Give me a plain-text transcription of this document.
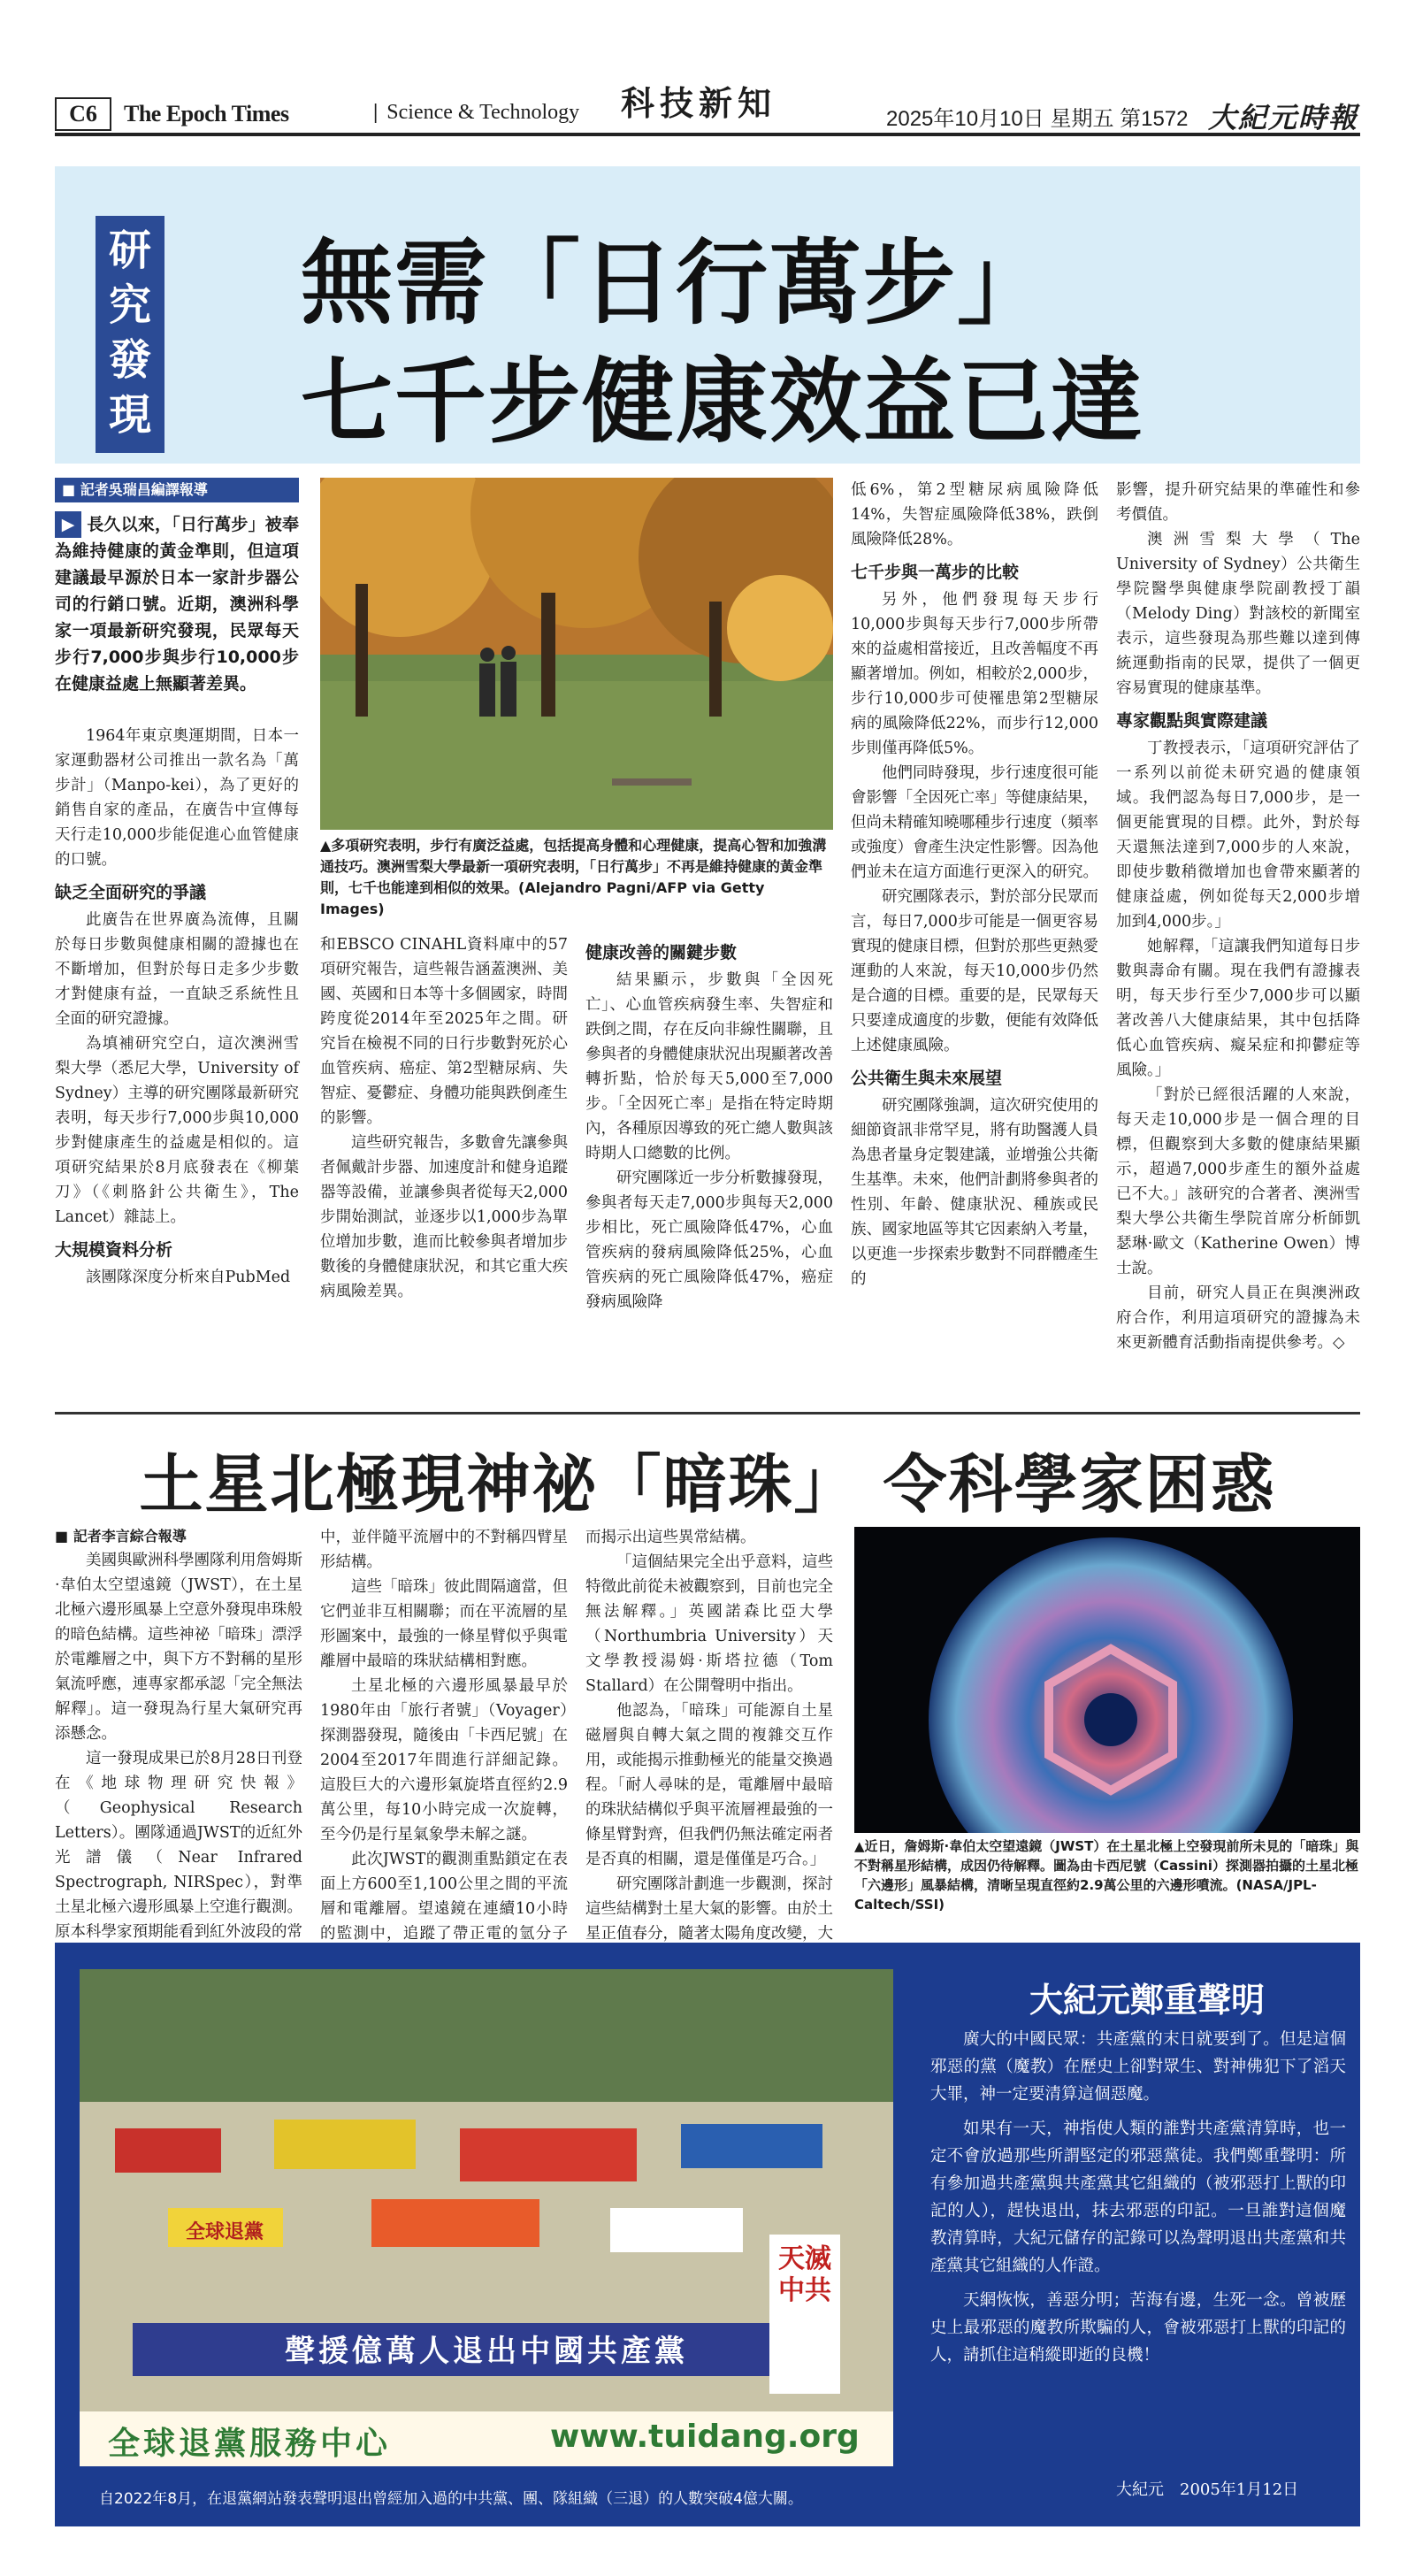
C6	The Epoch Times
|	Science & Technology 科技新知	2025年10月10日 星期五 第1572 大紀元時報
研究發現
無需「日行萬步」
七千步健康效益已達
■ 記者吳瑞昌編譯報導
▶ 長久以來，「日行萬步」被奉為維持健康的黃金準則，但這項建議最早源於日本一家計步器公司的行銷口號。近期，澳洲科學家一項最新研究發現，民眾每天步行7,000步與步行10,000步在健康益處上無顯著差異。

1964年東京奧運期間，日本一家運動器材公司推出一款名為「萬步計」（Manpo-kei），為了更好的銷售自家的產品，在廣告中宣傳每天行走10,000步能促進心血管健康的口號。

缺乏全面研究的爭議

此廣告在世界廣為流傳，且關於每日步數與健康相關的證據也在不斷增加，但對於每日走多少步數才對健康有益，一直缺乏系統性且全面的研究證據。

為填補研究空白，這次澳洲雪梨大學（悉尼大學，University of Sydney）主導的研究團隊最新研究表明，每天步行7,000步與10,000步對健康產生的益處是相似的。這項研究結果於8月底發表在《柳葉刀》（《刺胳針公共衛生》，The Lancet）雜誌上。

大規模資料分析

該團隊深度分析來自PubMed

▲多項研究表明，步行有廣泛益處，包括提高身體和心理健康，提高心智和加強溝通技巧。澳洲雪梨大學最新一項研究表明，「日行萬步」不再是維持健康的黃金準則，七千也能達到相似的效果。(Alejandro Pagni/AFP via Getty Images)

和EBSCO CINAHL資料庫中的57項研究報告，這些報告涵蓋澳洲、美國、英國和日本等十多個國家，時間跨度從2014年至2025年之間。研究旨在檢視不同的日行步數對死於心血管疾病、癌症、第2型糖尿病、失智症、憂鬱症、身體功能與跌倒產生的影響。

這些研究報告，多數會先讓參與者佩戴計步器、加速度計和健身追蹤器等設備，並讓參與者從每天2,000步開始測試，並逐步以1,000步為單位增加步數，進而比較參與者增加步數後的身體健康狀況，和其它重大疾病風險差異。

健康改善的關鍵步數

結果顯示，步數與「全因死亡」、心血管疾病發生率、失智症和跌倒之間，存在反向非線性關聯，且參與者的身體健康狀況出現顯著改善轉折點，恰於每天5,000至7,000步。「全因死亡率」是指在特定時期內，各種原因導致的死亡總人數與該時期人口總數的比例。

研究團隊近一步分析數據發現，參與者每天走7,000步與每天2,000步相比，死亡風險降低47%，心血管疾病的發病風險降低25%，心血管疾病的死亡風險降低47%，癌症發病風險降

低6%，第2型糖尿病風險降低14%，失智症風險降低38%，跌倒風險降低28%。

七千步與一萬步的比較

另外，他們發現每天步行10,000步與每天步行7,000步所帶來的益處相當接近，且改善幅度不再顯著增加。例如，相較於2,000步，步行10,000步可使罹患第2型糖尿病的風險降低22%，而步行12,000步則僅再降低5%。

他們同時發現，步行速度很可能會影響「全因死亡率」等健康結果，但尚未精確知曉哪種步行速度（頻率或強度）會產生決定性影響。因為他們並未在這方面進行更深入的研究。

研究團隊表示，對於部分民眾而言，每日7,000步可能是一個更容易實現的健康目標，但對於那些更熱愛運動的人來說，每天10,000步仍然是合適的目標。重要的是，民眾每天只要達成適度的步數，便能有效降低上述健康風險。

公共衛生與未來展望

研究團隊強調，這次研究使用的細節資訊非常罕見，將有助醫護人員為患者量身定製建議，並增強公共衛生基準。未來，他們計劃將參與者的性別、年齡、健康狀況、種族或民族、國家地區等其它因素納入考量，以更進一步探索步數對不同群體產生的

影響，提升研究結果的準確性和參考價值。

澳洲雪梨大學（The University of Sydney）公共衛生學院醫學與健康學院副教授丁韻（Melody Ding）對該校的新聞室表示，這些發現為那些難以達到傳統運動指南的民眾，提供了一個更容易實現的健康基準。

專家觀點與實際建議

丁教授表示，「這項研究評估了一系列以前從未研究過的健康領域。我們認為每日7,000步，是一個更能實現的目標。此外，對於每天還無法達到7,000步的人來說，即使步數稍微增加也會帶來顯著的健康益處，例如從每天2,000步增加到4,000步。」

她解釋，「這讓我們知道每日步數與壽命有關。現在我們有證據表明，每天步行至少7,000步可以顯著改善八大健康結果，其中包括降低心血管疾病、癡呆症和抑鬱症等風險。」

「對於已經很活躍的人來說，每天走10,000步是一個合理的目標，但觀察到大多數的健康結果顯示，超過7,000步產生的額外益處已不大。」該研究的合著者、澳洲雪梨大學公共衛生學院首席分析師凱瑟琳·歐文（Katherine Owen）博士說。

目前，研究人員正在與澳洲政府合作，利用這項研究的證據為未來更新體育活動指南提供參考。◇

土星北極現神祕「暗珠」 令科學家困惑
■ 記者李言綜合報導

美國與歐洲科學團隊利用詹姆斯·韋伯太空望遠鏡（JWST），在土星北極六邊形風暴上空意外發現串珠般的暗色結構。這些神祕「暗珠」漂浮於電離層之中，與下方不對稱的星形氣流呼應，連專家都承認「完全無法解釋」。這一發現為行星大氣研究再添懸念。

這一發現成果已於8月28日刊登在《地球物理研究快報》（Geophysical Research Letters）。團隊通過JWST的近紅外光譜儀（Near Infrared Spectrograph, NIRSpec），對準土星北極六邊形風暴上空進行觀測。原本科學家預期能看到紅外波段的常

中，並伴隨平流層中的不對稱四臂星形結構。

這些「暗珠」彼此間隔適當，但它們並非互相關聯；而在平流層的星形圖案中，最強的一條星臂似乎與電離層中最暗的珠狀結構相對應。

土星北極的六邊形風暴最早於1980年由「旅行者號」（Voyager）探測器發現，隨後由「卡西尼號」在2004至2017年間進行詳細記錄。這股巨大的六邊形氣旋塔直徑約2.9萬公里，每10小時完成一次旋轉，至今仍是行星氣象學未解之謎。

此次JWST的觀測重點鎖定在表面上方600至1,100公里之間的平流層和電離層。望遠鏡在連續10小時的監測中，追蹤了帶正電的氫分子

而揭示出這些異常結構。

「這個結果完全出乎意料，這些特徵此前從未被觀察到，目前也完全無法解釋。」英國諾森比亞大學（Northumbria University）天文學教授湯姆·斯塔拉德（Tom Stallard）在公開聲明中指出。

他認為，「暗珠」可能源自土星磁層與自轉大氣之間的複雜交互作用，或能揭示推動極光的能量交換過程。「耐人尋味的是，電離層中最暗的珠狀結構似乎與平流層裡最強的一條星臂對齊，但我們仍無法確定兩者是否真的相關，還是僅僅是巧合。」

研究團隊計劃進一步觀測，探討這些結構對土星大氣的影響。由於土星正值春分，隨著太陽角度改變，大

聲援億萬人退出中國共產黨
全球退黨
天滅中共
全球退黨服務中心	www.tuidang.org
大紀元鄭重聲明

廣大的中國民眾：共產黨的末日就要到了。但是這個邪惡的黨（魔教）在歷史上卻對眾生、對神佛犯下了滔天大罪，神一定要清算這個惡魔。

如果有一天，神指使人類的誰對共產黨清算時，也一定不會放過那些所謂堅定的邪惡黨徒。我們鄭重聲明：所有參加過共產黨與共產黨其它組織的（被邪惡打上獸的印記的人），趕快退出，抹去邪惡的印記。一旦誰對這個魔教清算時，大紀元儲存的記錄可以為聲明退出共產黨和共產黨其它組織的人作證。

天網恢恢，善惡分明；苦海有邊，生死一念。曾被歷史上最邪惡的魔教所欺騙的人，會被邪惡打上獸的印記的人，請抓住這稍縱即逝的良機！

自2022年8月，在退黨網站發表聲明退出曾經加入過的中共黨、團、隊組織（三退）的人數突破4億大關。	大紀元　2005年1月12日
▲近日，詹姆斯·韋伯太空望遠鏡（JWST）在土星北極上空發現前所未見的「暗珠」與不對稱星形結構，成因仍待解釋。圖為由卡西尼號（Cassini）探測器拍攝的土星北極「六邊形」風暴結構，清晰呈現直徑約2.9萬公里的六邊形噴流。(NASA/JPL-Caltech/SSI)
